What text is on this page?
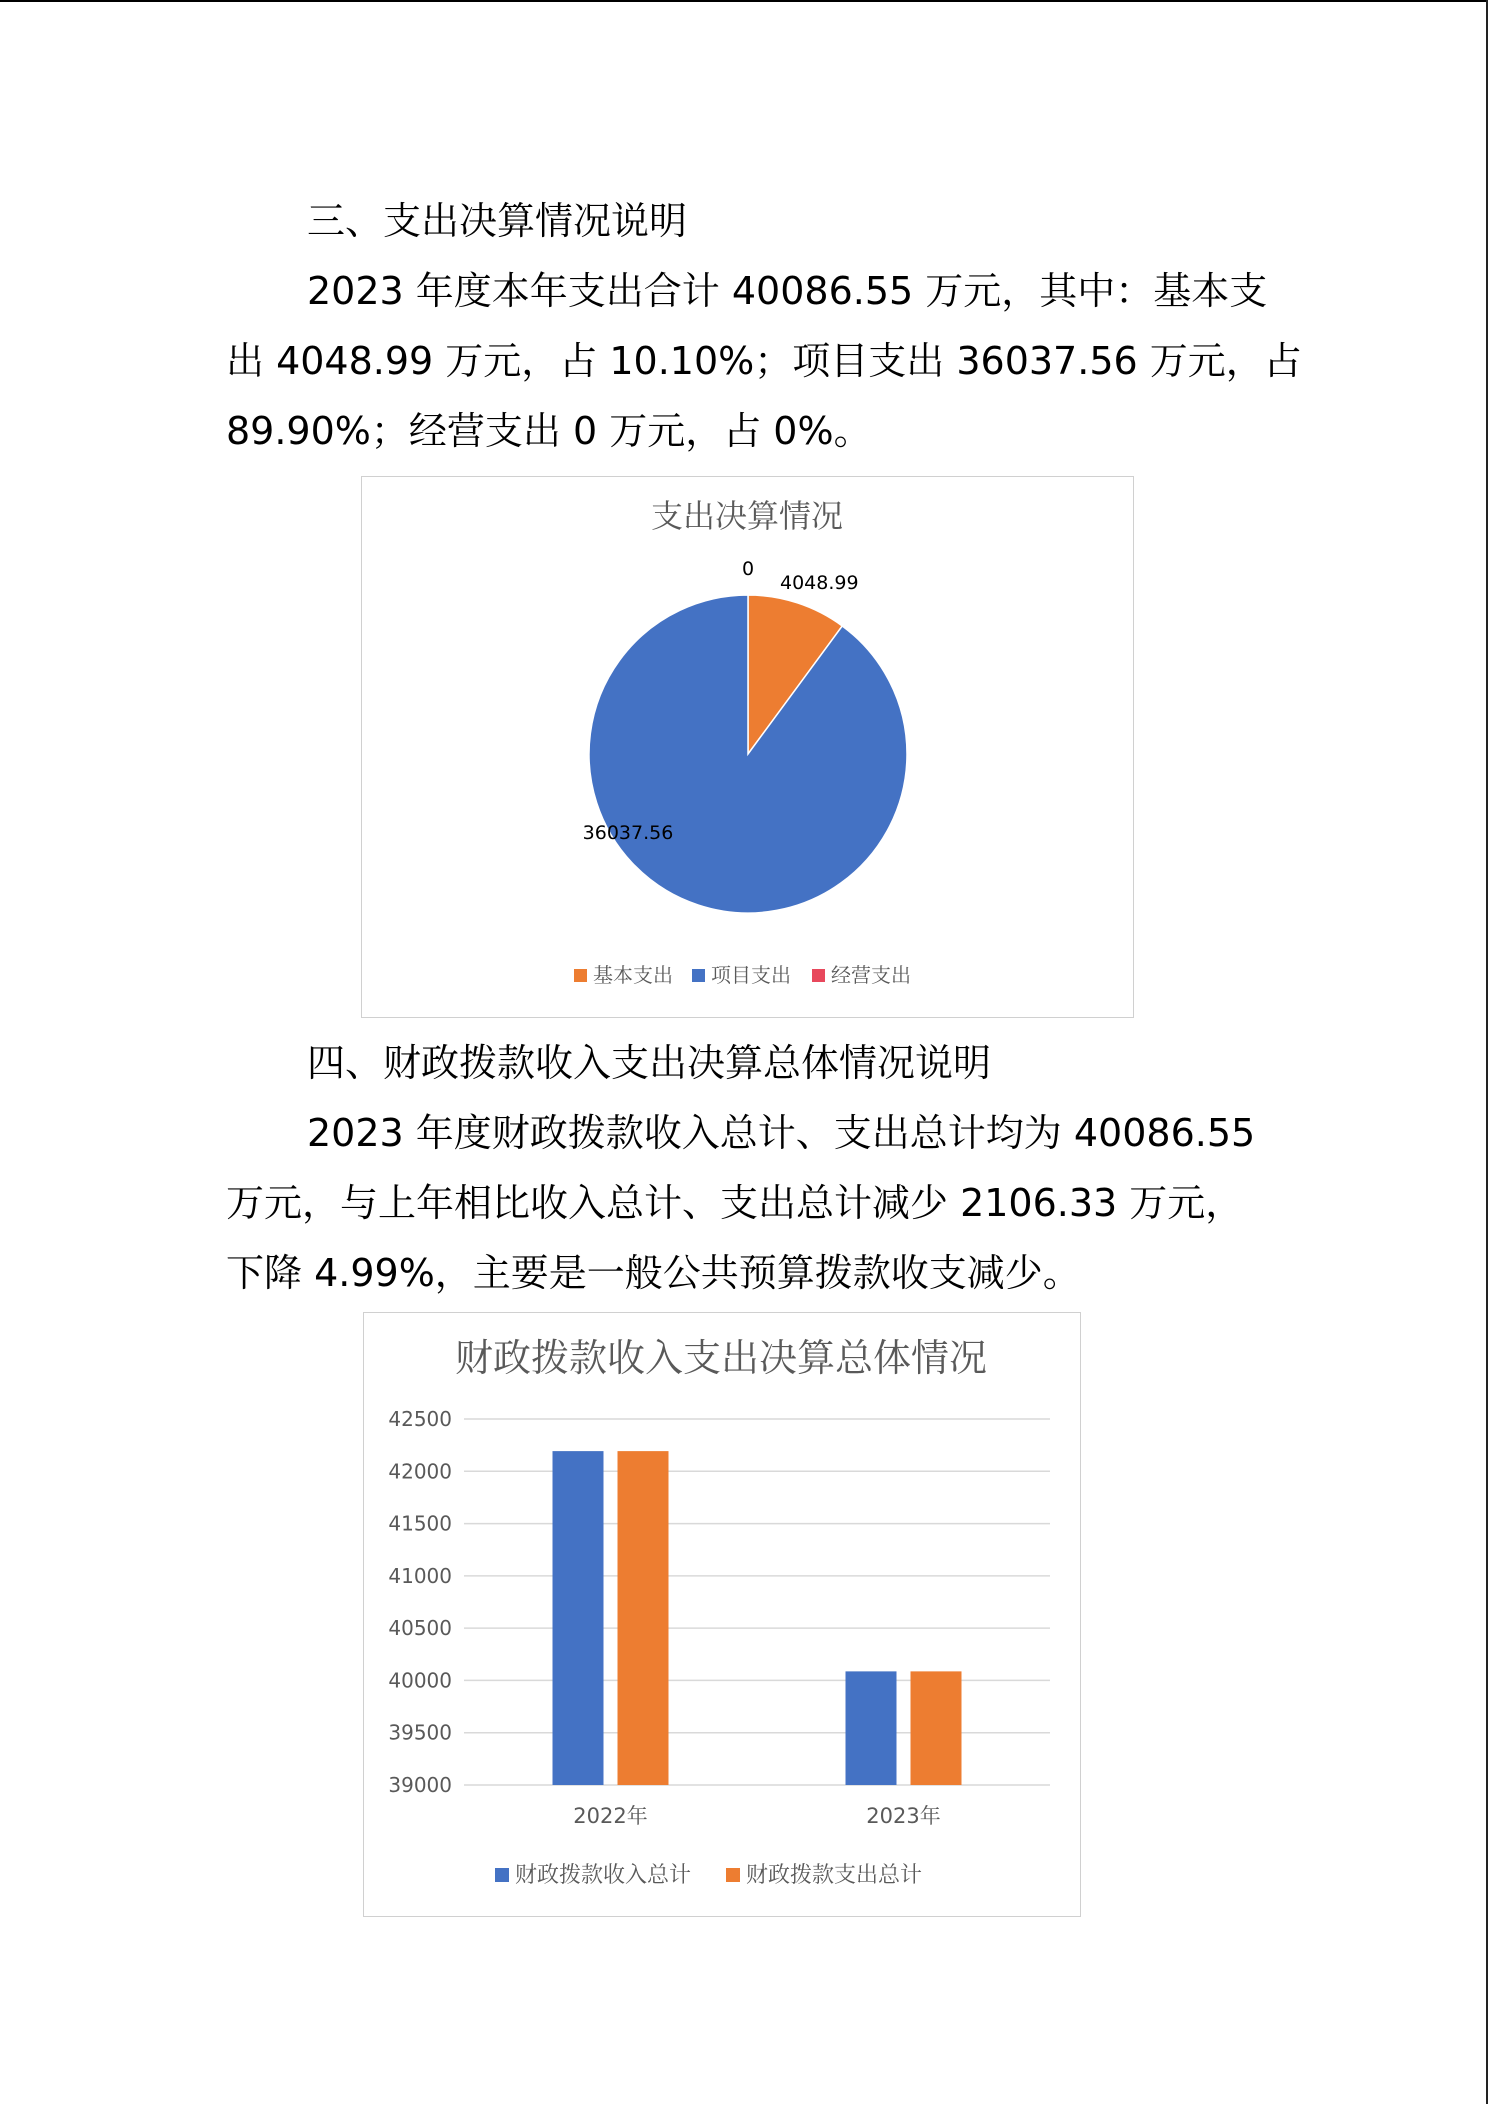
三、支出决算情况说明
2023 年度本年支出合计 40086.55 万元，其中：基本支
出 4048.99 万元，占 10.10%；项目支出 36037.56 万元，占
89.90%；经营支出 0 万元，占 0%。
支出决算情况
4048.99
36037.56
0
基本支出 项目支出 经营支出
四、财政拨款收入支出决算总体情况说明
2023 年度财政拨款收入总计、支出总计均为 40086.55
万元，与上年相比收入总计、支出总计减少 2106.33 万元，
下降 4.99%，主要是一般公共预算拨款收支减少。
财政拨款收入支出决算总体情况
42500
42000
41500
41000
40500
40000
39500
39000
2022年	2023年
财政拨款收入总计 财政拨款支出总计
